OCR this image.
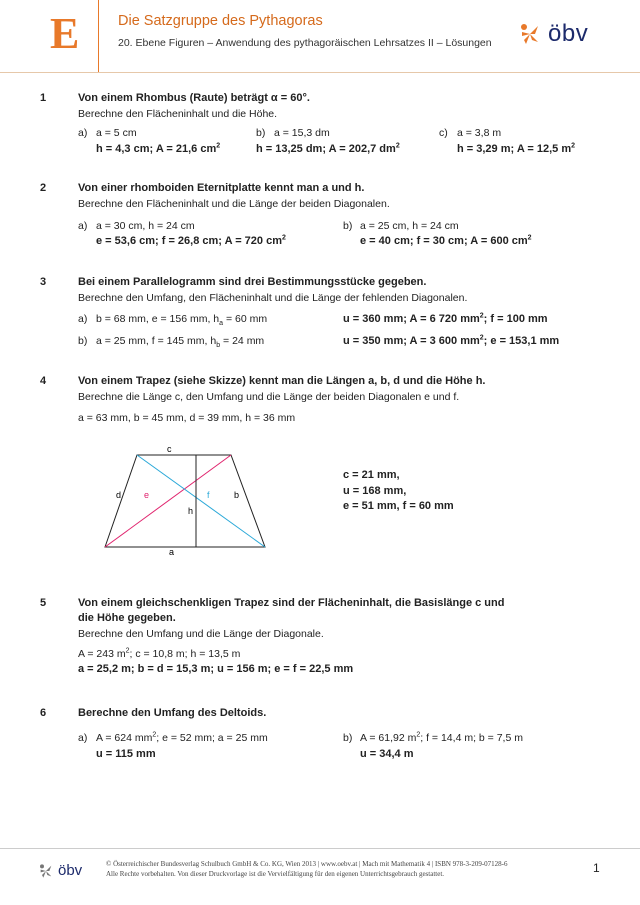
E	Die Satzgruppe des Pythagoras
20. Ebene Figuren – Anwendung des pythagoräischen Lehrsatzes II – Lösungen öbv
1	Von einem Rhombus (Raute) beträgt α = 60°.
Berechne den Flächeninhalt und die Höhe.
a) a = 5 cm
h = 4,3 cm; A = 21,6 $cm^2$
b) a = 15,3 dm
h = 13,25 dm; A = 202,7 $dm^2$
c) a = 3,8 m
h = 3,29 m; A = 12,5 $m^2$
2	Von einer rhomboiden Eternitplatte kennt man a und h.
Berechne den Flächeninhalt und die Länge der beiden Diagonalen.
a) a = 30 cm, h = 24 cm
e = 53,6 cm; f = 26,8 cm; A = 720 $cm^2$
b) a = 25 cm, h = 24 cm
e = 40 cm; f = 30 cm; A = 600 $cm^2$
3	Bei einem Parallelogramm sind drei Bestimmungsstücke gegeben.
Berechne den Umfang, den Flächeninhalt und die Länge der fehlenden Diagonalen.
a) b = 68 mm, e = 156 mm, $h_a = 60$ mm	u = 360 mm; A = 6 720 $mm^2$; f = 100 mm
b) a = 25 mm, f = 145 mm, $h_b = 24$ mm	u = 350 mm; A = 3 600 $mm^2$; e = 153,1 mm
4	Von einem Trapez (siehe Skizze) kennt man die Längen a, b, d und die Höhe h.
Berechne die Länge c, den Umfang und die Länge der beiden Diagonalen e und f.
a = 63 mm, b = 45 mm, d = 39 mm, h = 36 mm
c
a
d	b
e	f
h
c = 21 mm,
u = 168 mm,
e = 51 mm, f = 60 mm
5	Von einem gleichschenkligen Trapez sind der Flächeninhalt, die Basislänge c und
die Höhe gegeben.
Berechne den Umfang und die Länge der Diagonale.
A = 243 $m^2$; c = 10,8 m; h = 13,5 m
a = 25,2 m; b = d = 15,3 m; u = 156 m; e = f = 22,5 mm
6	Berechne den Umfang des Deltoids.
a) A = 624 $mm^2$; e = 52 mm; a = 25 mm
u = 115 mm
b) A = 61,92 $m^2$; f = 14,4 m; b = 7,5 m
u = 34,4 m
öbv	© Österreichischer Bundesverlag Schulbuch GmbH & Co. KG, Wien 2013 | www.oebv.at | Mach mit Mathematik 4 | ISBN 978-3-209-07128-6
Alle Rechte vorbehalten. Von dieser Druckvorlage ist die Vervielfältigung für den eigenen Unterrichtsgebrauch gestattet.	1
